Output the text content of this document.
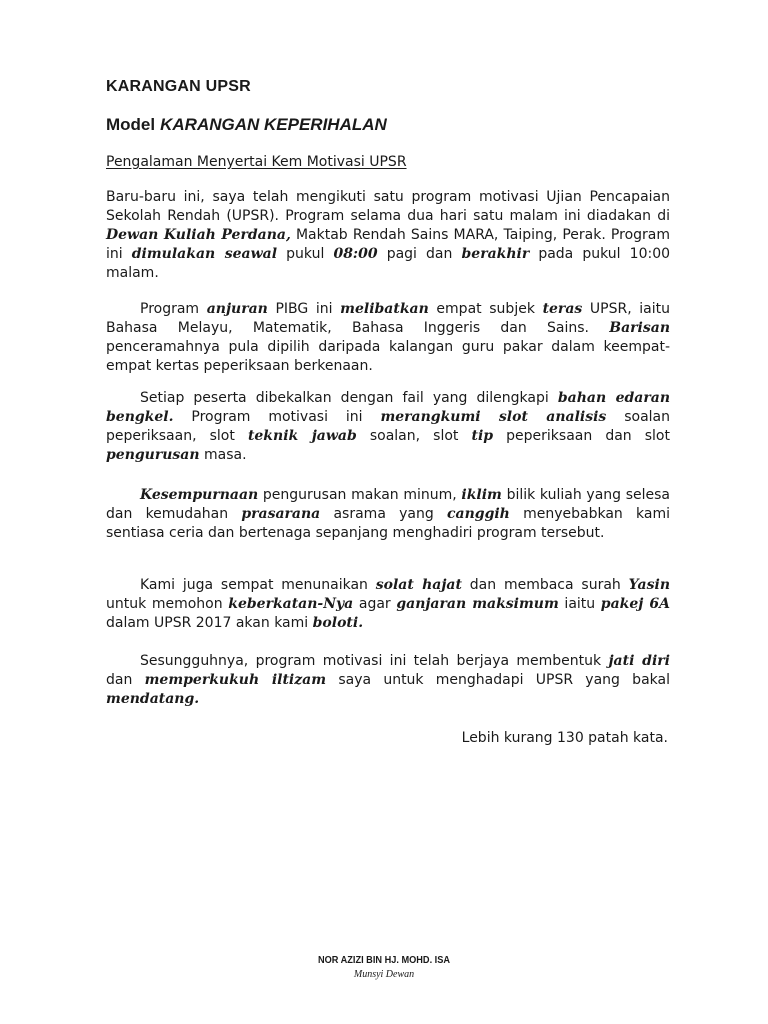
KARANGAN UPSR
Model KARANGAN KEPERIHALAN
Pengalaman Menyertai Kem Motivasi UPSR

Baru-baru ini, saya telah mengikuti satu program motivasi Ujian Pencapaian Sekolah Rendah (UPSR). Program selama dua hari satu malam ini diadakan di Dewan Kuliah Perdana, Maktab Rendah Sains MARA, Taiping, Perak. Program ini dimulakan seawal pukul 08:00 pagi dan berakhir pada pukul 10:00 malam.

Program anjuran PIBG ini melibatkan empat subjek teras UPSR, iaitu Bahasa Melayu, Matematik, Bahasa Inggeris dan Sains. Barisan penceramahnya pula dipilih daripada kalangan guru pakar dalam keempat-empat kertas peperiksaan berkenaan.

Setiap peserta dibekalkan dengan fail yang dilengkapi bahan edaran bengkel. Program motivasi ini merangkumi slot analisis soalan peperiksaan, slot teknik jawab soalan, slot tip peperiksaan dan slot pengurusan masa.

Kesempurnaan pengurusan makan minum, iklim bilik kuliah yang selesa dan kemudahan prasarana asrama yang canggih menyebabkan kami sentiasa ceria dan bertenaga sepanjang menghadiri program tersebut.

Kami juga sempat menunaikan solat hajat dan membaca surah Yasin untuk memohon keberkatan-Nya agar ganjaran maksimum iaitu pakej 6A dalam UPSR 2017 akan kami boloti.

Sesungguhnya, program motivasi ini telah berjaya membentuk jati diri dan memperkukuh iltizam saya untuk menghadapi UPSR yang bakal mendatang.

Lebih kurang 130 patah kata.
NOR AZIZI BIN HJ. MOHD. ISA
Munsyi Dewan
